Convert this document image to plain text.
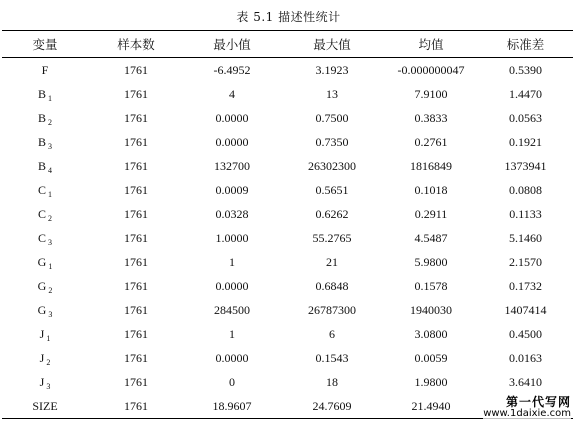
表 5.1 描述性统计
变量	样本数	最小值	最大值	均值	标准差
F	1761	-6.4952	3.1923	-0.000000047	0.5390
B $_1$	1761	4	13	7.9100	1.4470
B $_2$	1761	0.0000	0.7500	0.3833	0.0563
B $_3$	1761	0.0000	0.7350	0.2761	0.1921
B $_4$	1761	132700	26302300	1816849	1373941
C $_1$	1761	0.0009	0.5651	0.1018	0.0808
C $_2$	1761	0.0328	0.6262	0.2911	0.1133
C $_3$	1761	1.0000	55.2765	4.5487	5.1460
G $_1$	1761	1	21	5.9800	2.1570
G $_2$	1761	0.0000	0.6848	0.1578	0.1732
G $_3$	1761	284500	26787300	1940030	1407414
J $_1$	1761	1	6	3.0800	0.4500
J $_2$	1761	0.0000	0.1543	0.0059	0.0163
J $_3$	1761	0	18	1.9800	3.6410
SIZE	1761	18.9607	24.7609	21.4940		第一代写网
www.1daixie.com
